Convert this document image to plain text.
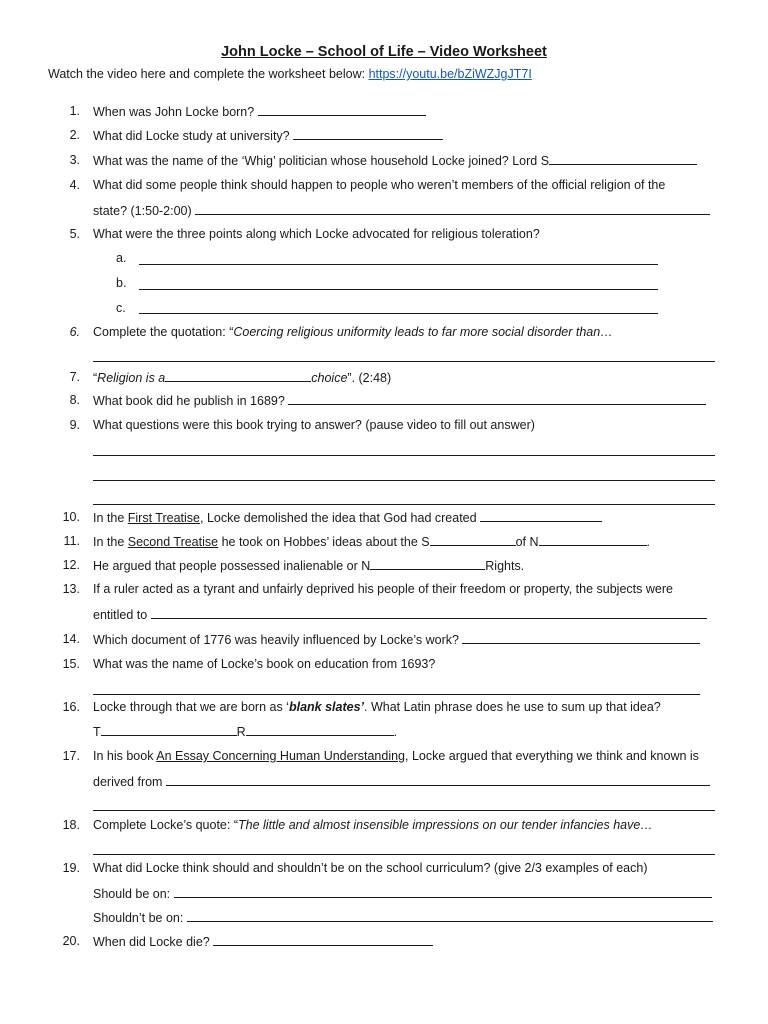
John Locke – School of Life – Video Worksheet
Watch the video here and complete the worksheet below: https://youtu.be/bZiWZJgJT7I
1. When was John Locke born?
2. What did Locke study at university?
3. What was the name of the ‘Whig’ politician whose household Locke joined? Lord S
4. What did some people think should happen to people who weren’t members of the official religion of the
state? (1:50-2:00)
5. What were the three points along which Locke advocated for religious toleration?
a.
b.
c.
6. Complete the quotation: “Coercing religious uniformity leads to far more social disorder than…
7. “Religion is a	choice”. (2:48)
8. What book did he publish in 1689?
9. What questions were this book trying to answer? (pause video to fill out answer)
10. In the First Treatise, Locke demolished the idea that God had created
11. In the Second Treatise he took on Hobbes’ ideas about the S	of N	.
12. He argued that people possessed inalienable or N	Rights.
13. If a ruler acted as a tyrant and unfairly deprived his people of their freedom or property, the subjects were
entitled to
14. Which document of 1776 was heavily influenced by Locke’s work?
15. What was the name of Locke’s book on education from 1693?
16. Locke through that we are born as ‘blank slates’. What Latin phrase does he use to sum up that idea?
T	R	.
17. In his book An Essay Concerning Human Understanding, Locke argued that everything we think and known is
derived from
18. Complete Locke’s quote: “The little and almost insensible impressions on our tender infancies have…
19. What did Locke think should and shouldn’t be on the school curriculum? (give 2/3 examples of each)
Should be on:
Shouldn’t be on:
20. When did Locke die?
